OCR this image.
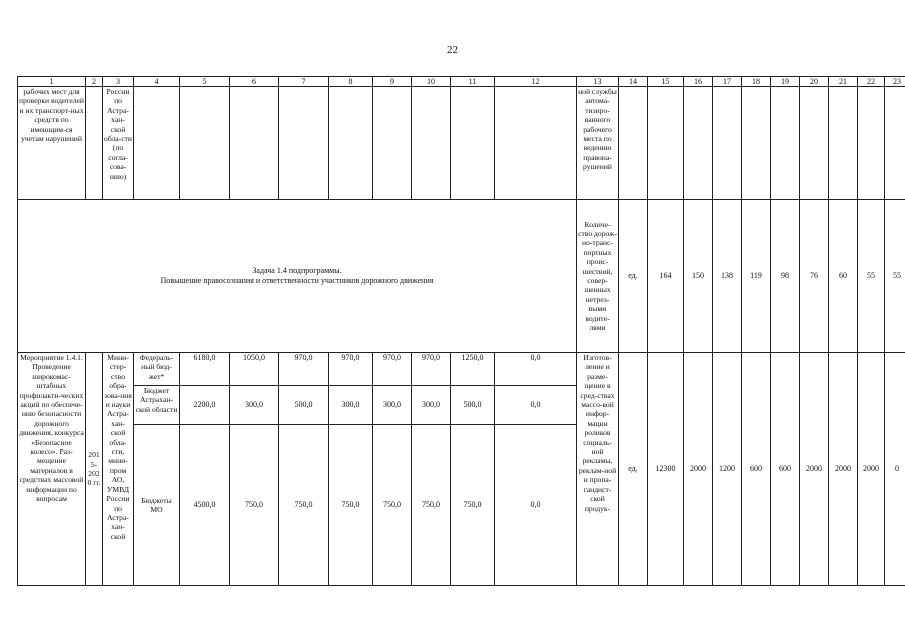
22
1	2	3	4	5	6	7	8	9	10	11	12	13	14	15	16	17	18	19	20	21	22	23
рабочих мест для проверки водителей и их транспорт-ных средств по имеющим-ся учетам нарушений		России по Астра-хан-ской обла-сти (по согла-сова-нию)										ной службы автома-тизиро-ванного рабочего места по ведению правона-рушений										

Задача 1.4 подпрограммы.
Повышение правосознания и ответственности участников дорожного движения												Количе-ство дорож-но-транс-портных проис-шествий, совер-шенных нетрез-выми водите-лями	ед.	164	150	138	119	98	76	60	55	55
Мероприятие 1.4.1. Проведение широкомас-штабных профилакти-ческих акций по обеспече-нию безопасности дорожного движения, конкурса «Безопасное колесо». Раз-мещение материалов в средствах массовой информации по вопросам	2015-2020 гг.	Мини-стер-ство обра-зова-ния и науки Астра-хан-ской обла-сти, мини-пром АО, УМВД России по Астра-хан-ской	Федераль-ный бюд-жет*	6180,0	1050,0	970,0	970,0	970,0	970,0	1250,0	0,0	Изготов-ление и разме-щение в сред-ствах массо-вой инфор-мации роликов социаль-ной рекламы, реклам-ной и пропа-гандист-ской продук-	ед.	12300	2000	1200	600	600	2000	2000	2000	0
			Бюджет Астрахан-ской области	2200,0	300,0	500,0	300,0	300,0	300,0	500,0	0,0											
			Бюджеты МО	4500,0	750,0	750,0	750,0	750,0	750,0	750,0	0,0											
